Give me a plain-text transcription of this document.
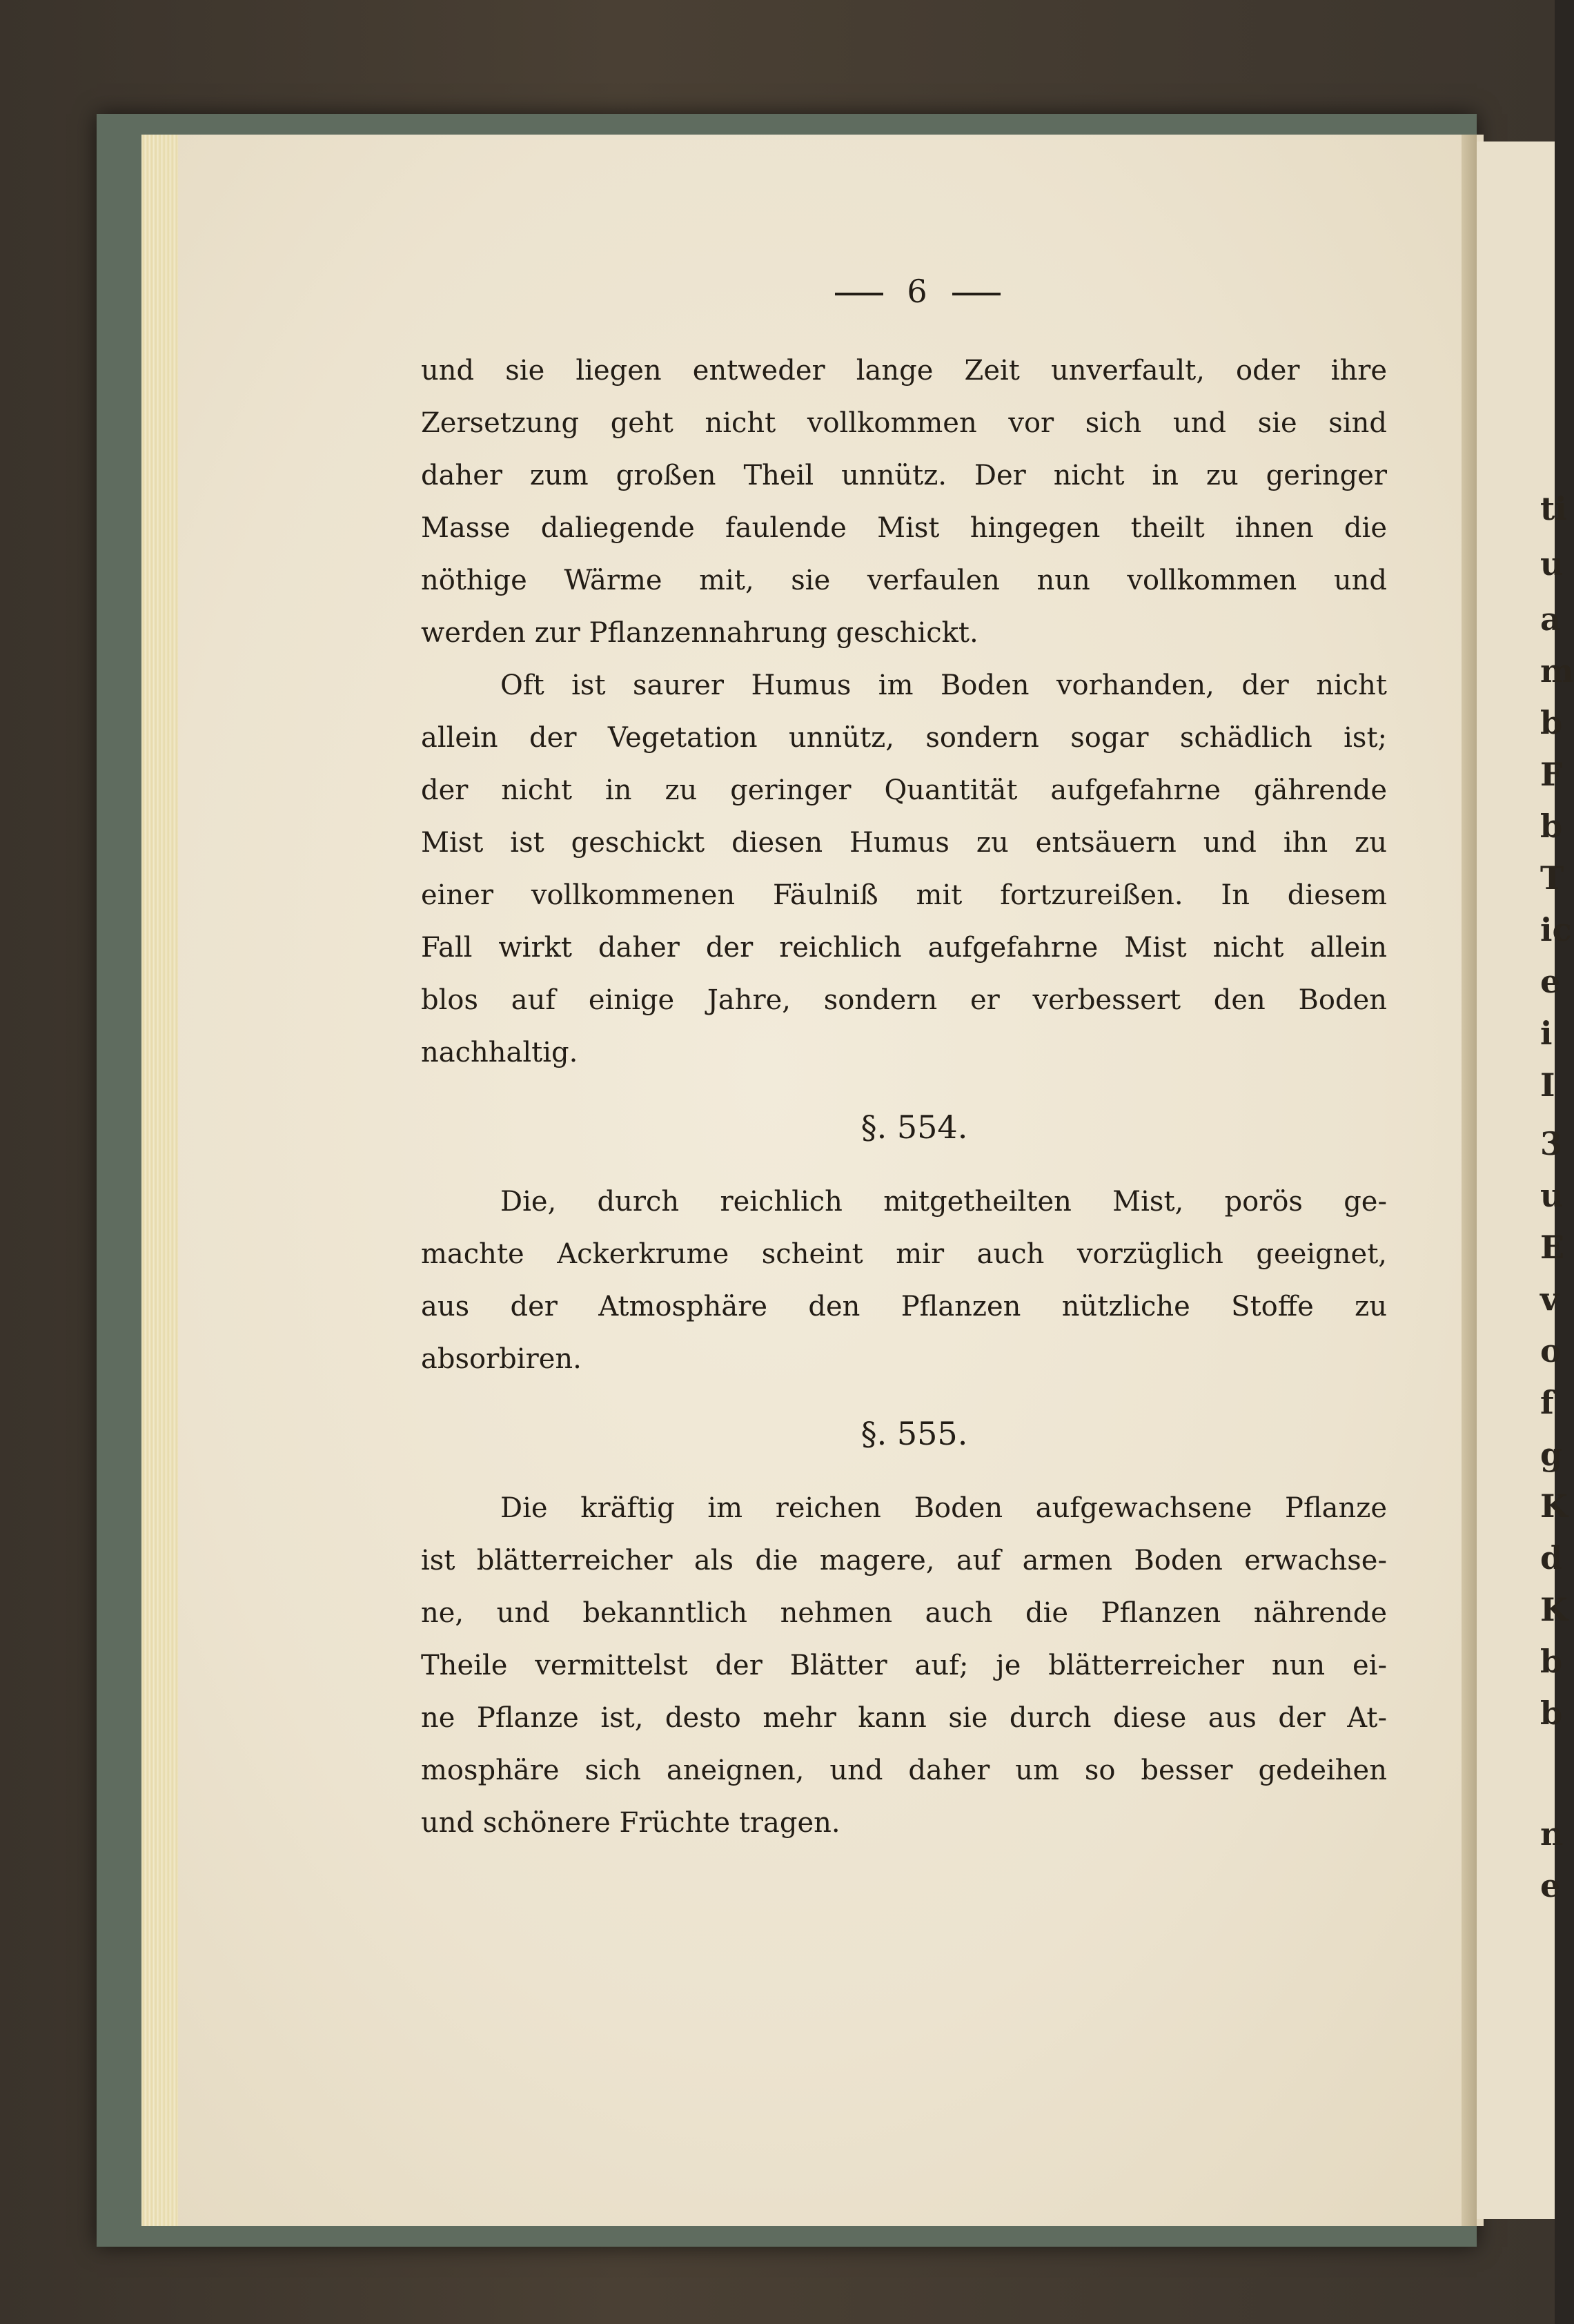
ti
u
a
m
b
F
b
T
ic
e
i
I
3
u
E
v
o
f
g
K
d
K
b
b
n
e
6
und sie liegen entweder lange Zeit unverfault, oder ihre
Zersetzung geht nicht vollkommen vor sich und sie sind
daher zum großen Theil unnütz. Der nicht in zu geringer
Masse daliegende faulende Mist hingegen theilt ihnen die
nöthige Wärme mit, sie verfaulen nun vollkommen und
werden zur Pflanzennahrung geschickt.
Oft ist saurer Humus im Boden vorhanden, der nicht
allein der Vegetation unnütz, sondern sogar schädlich ist;
der nicht in zu geringer Quantität aufgefahrne gährende
Mist ist geschickt diesen Humus zu entsäuern und ihn zu
einer vollkommenen Fäulniß mit fortzureißen. In diesem
Fall wirkt daher der reichlich aufgefahrne Mist nicht allein
blos auf einige Jahre, sondern er verbessert den Boden
nachhaltig.
§. 554.
Die, durch reichlich mitgetheilten Mist, porös ge-
machte Ackerkrume scheint mir auch vorzüglich geeignet,
aus der Atmosphäre den Pflanzen nützliche Stoffe zu
absorbiren.
§. 555.
Die kräftig im reichen Boden aufgewachsene Pflanze
ist blätterreicher als die magere, auf armen Boden erwachse-
ne, und bekanntlich nehmen auch die Pflanzen nährende
Theile vermittelst der Blätter auf; je blätterreicher nun ei-
ne Pflanze ist, desto mehr kann sie durch diese aus der At-
mosphäre sich aneignen, und daher um so besser gedeihen
und schönere Früchte tragen.
